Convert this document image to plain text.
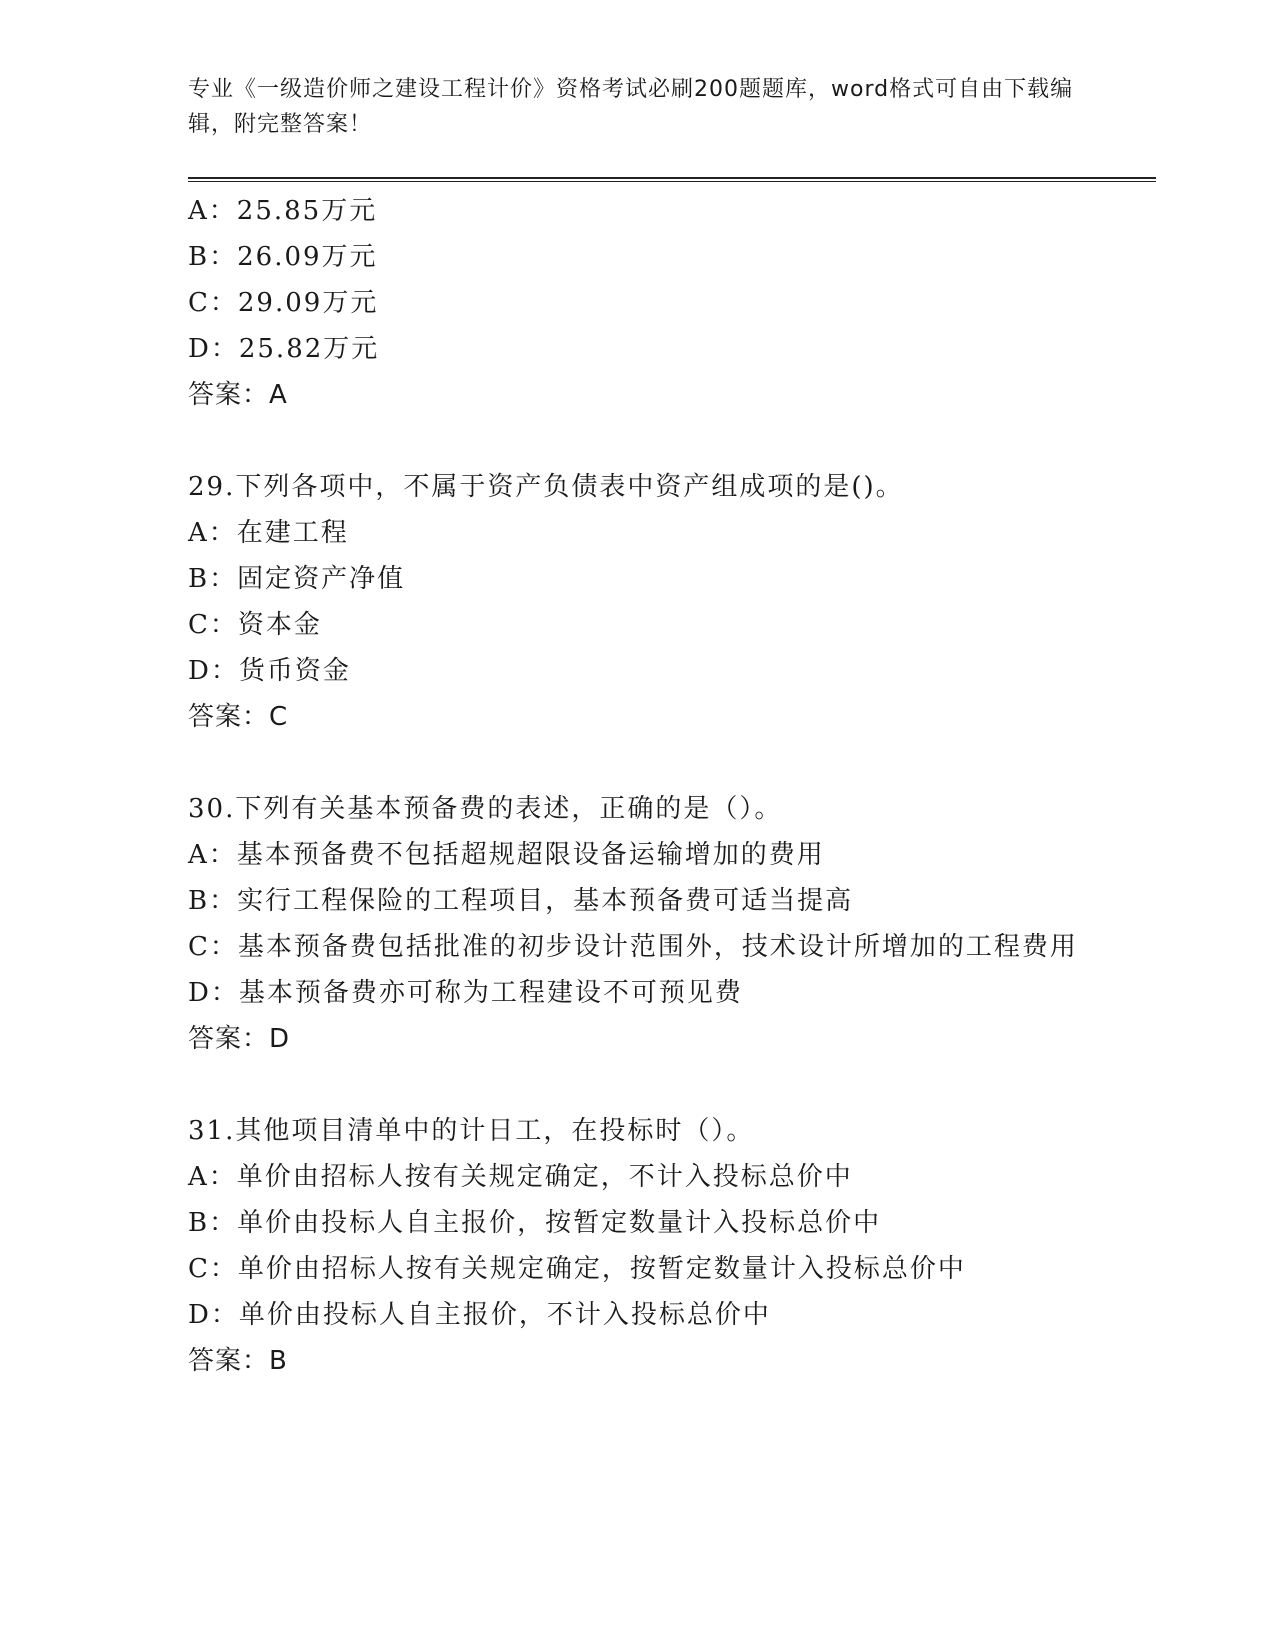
专业《一级造价师之建设工程计价》资格考试必刷200题题库，word格式可自由下载编辑，附完整答案！

A：25.85万元

B：26.09万元

C：29.09万元

D：25.82万元

答案：A

29.下列各项中，不属于资产负债表中资产组成项的是()。

A：在建工程

B：固定资产净值

C：资本金

D：货币资金

答案：C

30.下列有关基本预备费的表述，正确的是（）。

A：基本预备费不包括超规超限设备运输增加的费用

B：实行工程保险的工程项目，基本预备费可适当提高

C：基本预备费包括批准的初步设计范围外，技术设计所增加的工程费用

D：基本预备费亦可称为工程建设不可预见费

答案：D

31.其他项目清单中的计日工，在投标时（）。

A：单价由招标人按有关规定确定，不计入投标总价中

B：单价由投标人自主报价，按暂定数量计入投标总价中

C：单价由招标人按有关规定确定，按暂定数量计入投标总价中

D：单价由投标人自主报价，不计入投标总价中

答案：B
